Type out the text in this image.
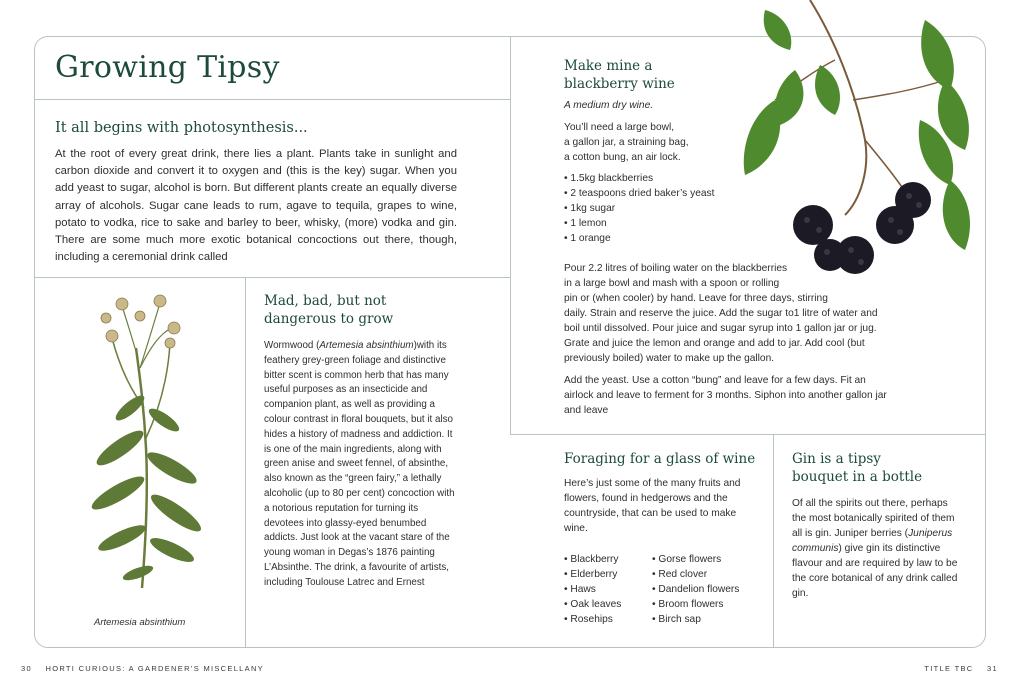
Growing Tipsy
It all begins with photosynthesis...

At the root of every great drink, there lies a plant. Plants take in sunlight and carbon dioxide and convert it to oxygen and (this is the key) sugar. When you add yeast to sugar, alcohol is born. But different plants create an equally diverse array of alcohols. Sugar cane leads to rum, agave to tequila, grapes to wine, potato to vodka, rice to sake and barley to beer, whisky, (more) vodka and gin. There are some much more exotic botanical concoctions out there, though, including a ceremonial drink called

Artemesia absinthium
Mad, bad, but not
dangerous to grow

Wormwood (Artemesia absinthium)with its feathery grey-green foliage and distinctive bitter scent is common herb that has many useful purposes as an insecticide and companion plant, as well as providing a colour contrast in floral bouquets, but it also hides a history of madness and addiction. It is one of the main ingredients, along with green anise and sweet fennel, of absinthe, also known as the “green fairy,” a lethally alcoholic (up to 80 per cent) concoction with a notorious reputation for turning its devotees into glassy-eyed benumbed addicts. Just look at the vacant stare of the young woman in Degas’s 1876 painting L’Absinthe. The drink, a favourite of artists, including Toulouse Latrec and Ernest

30 HORTI CURIOUS: A GARDENER’S MISCELLANY
Make mine a
blackberry wine
A medium dry wine.
You’ll need a large bowl,
a gallon jar, a straining bag,
a cotton bung, an air lock.
• 1.5kg blackberries
• 2 teaspoons dried baker’s yeast
• 1kg sugar
• 1 lemon
• 1 orange
Pour 2.2 litres of boiling water on the blackberries
in a large bowl and mash with a spoon or rolling
pin or (when cooler) by hand. Leave for three days, stirring
daily. Strain and reserve the juice. Add the sugar to1 litre of water and boil until dissolved. Pour juice and sugar syrup into 1 gallon jar or jug. Grate and juice the lemon and orange and add to jar. Add cool (but previously boiled) water to make up the gallon.

Add the yeast. Use a cotton “bung” and leave for a few days. Fit an airlock and leave to ferment for 3 months. Siphon into another gallon jar and leave

Foraging for a glass of wine

Here’s just some of the many fruits and flowers, found in hedgerows and the countryside, that can be used to make wine.

• Blackberry
• Elderberry
• Haws
• Oak leaves
• Rosehips
• Gorse flowers
• Red clover
• Dandelion flowers
• Broom flowers
• Birch sap
Gin is a tipsy
bouquet in a bottle

Of all the spirits out there, perhaps the most botanically spirited of them all is gin. Juniper berries (Juniperus communis) give gin its distinctive flavour and are required by law to be the core botanical of any drink called gin.

TITLE TBC 31
